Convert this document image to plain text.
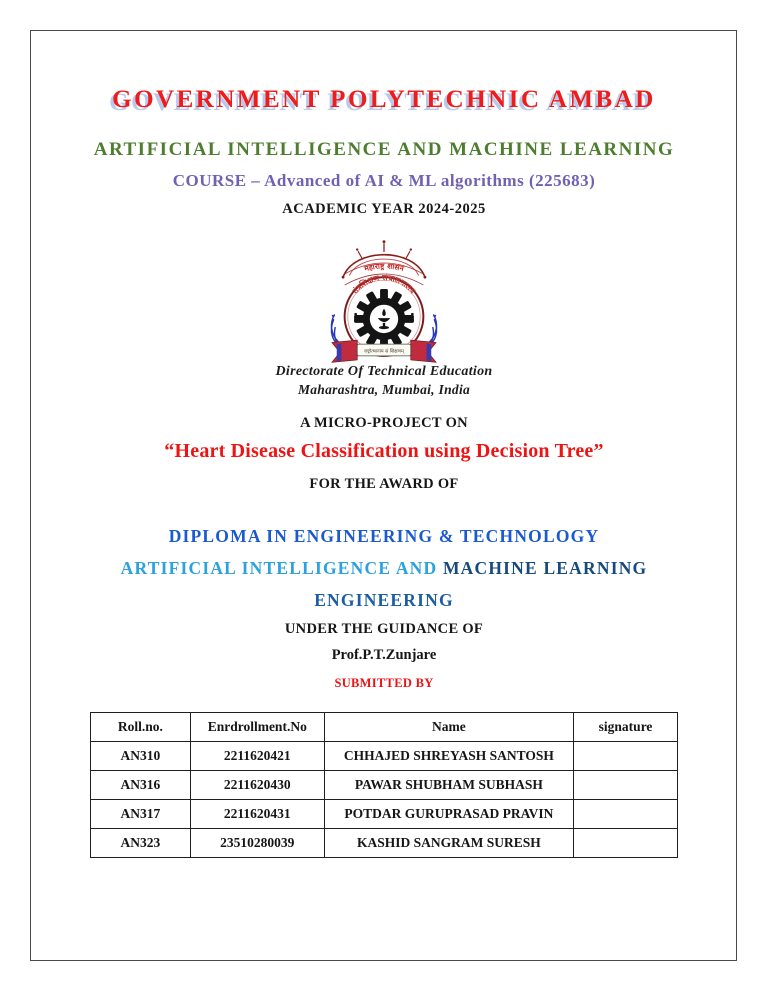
GOVERNMENT POLYTECHNIC AMBAD
ARTIFICIAL INTELLIGENCE AND MACHINE LEARNING
COURSE – Advanced of AI & ML algorithms (225683)
ACADEMIC YEAR 2024-2025
महाराष्ट्र शासन
तंत्रशिक्षण संचालनालय
राष्ट्रोत्थानाय सं शिक्षणम्
Directorate Of Technical Education
Maharashtra, Mumbai, India
A MICRO-PROJECT ON
“Heart Disease Classification using Decision Tree”
FOR THE AWARD OF
DIPLOMA IN ENGINEERING & TECHNOLOGY
ARTIFICIAL INTELLIGENCE AND MACHINE LEARNING
ENGINEERING
UNDER THE GUIDANCE OF
Prof.P.T.Zunjare
SUBMITTED BY
Roll.no.	Enrdrollment.No	Name	signature
AN310	2211620421	CHHAJED SHREYASH SANTOSH	
AN316	2211620430	PAWAR SHUBHAM SUBHASH	
AN317	2211620431	POTDAR GURUPRASAD PRAVIN	
AN323	23510280039	KASHID SANGRAM SURESH	
